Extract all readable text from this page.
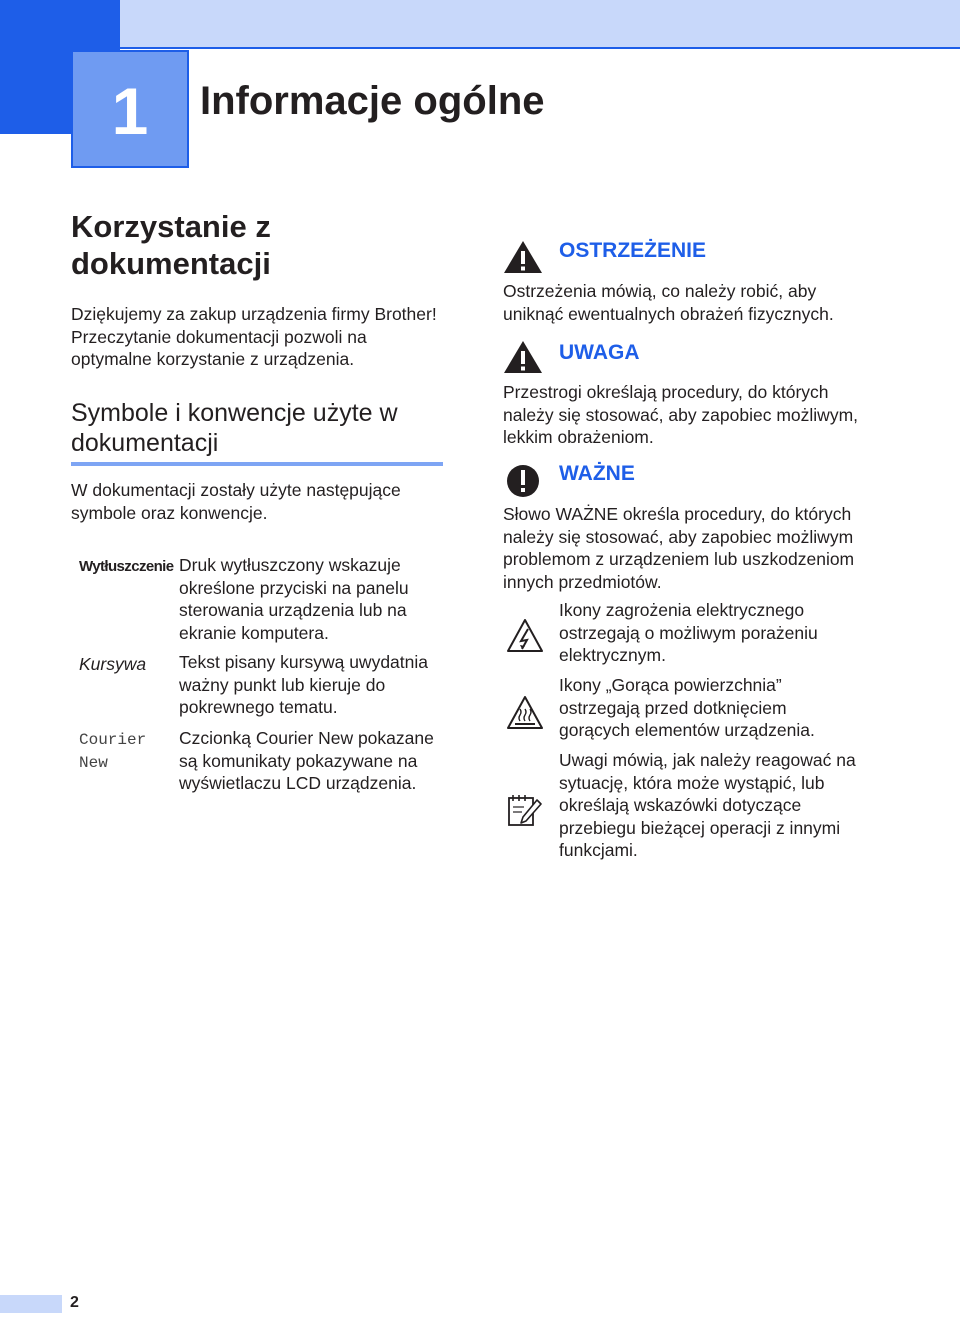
1 Informacje ogólne
Korzystanie z dokumentacji
Dziękujemy za zakup urządzenia firmy Brother! Przeczytanie dokumentacji pozwoli na optymalne korzystanie z urządzenia.
Symbole i konwencje użyte w dokumentacji
W dokumentacji zostały użyte następujące symbole oraz konwencje.
Wytłuszczenie Druk wytłuszczony wskazuje określone przyciski na panelu sterowania urządzenia lub na ekranie komputera.
Kursywa	Tekst pisany kursywą uwydatnia ważny punkt lub kieruje do pokrewnego tematu.
Courier New
Czcionką Courier New pokazane są komunikaty pokazywane na wyświetlaczu LCD urządzenia.
OSTRZEŻENIE
Ostrzeżenia mówią, co należy robić, aby uniknąć ewentualnych obrażeń fizycznych.
UWAGA
Przestrogi określają procedury, do których należy się stosować, aby zapobiec możliwym, lekkim obrażeniom.
WAŻNE
Słowo WAŻNE określa procedury, do których należy się stosować, aby zapobiec możliwym problemom z urządzeniem lub uszkodzeniom innych przedmiotów.
Ikony zagrożenia elektrycznego ostrzegają o możliwym porażeniu elektrycznym.
Ikony „Gorąca powierzchnia” ostrzegają przed dotknięciem gorących elementów urządzenia.
Uwagi mówią, jak należy reagować na sytuację, która może wystąpić, lub określają wskazówki dotyczące przebiegu bieżącej operacji z innymi funkcjami.
2
